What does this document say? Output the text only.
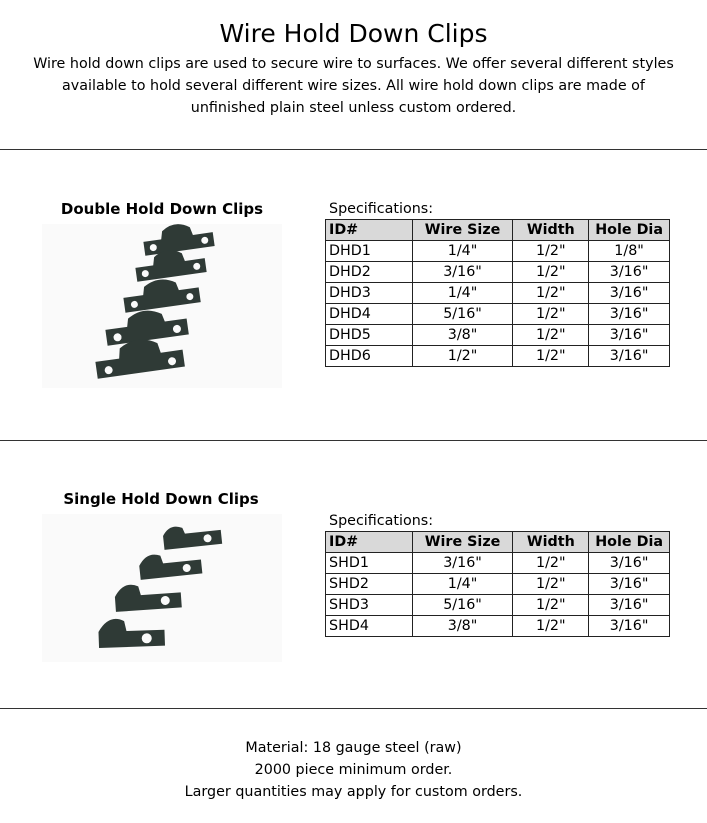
Wire Hold Down Clips
Wire hold down clips are used to secure wire to surfaces. We offer several different styles
available to hold several different wire sizes. All wire hold down clips are made of
unfinished plain steel unless custom ordered.
Double Hold Down Clips	Specifications:
ID#	Wire Size	Width	Hole Dia
DHD1	1/4"	1/2"	1/8"
DHD2	3/16"	1/2"	3/16"
DHD3	1/4"	1/2"	3/16"
DHD4	5/16"	1/2"	3/16"
DHD5	3/8"	1/2"	3/16"
DHD6	1/2"	1/2"	3/16"
Single Hold Down Clips
Specifications:
ID#	Wire Size	Width	Hole Dia
SHD1	3/16"	1/2"	3/16"
SHD2	1/4"	1/2"	3/16"
SHD3	5/16"	1/2"	3/16"
SHD4	3/8"	1/2"	3/16"
Material: 18 gauge steel (raw)
2000 piece minimum order.
Larger quantities may apply for custom orders.
